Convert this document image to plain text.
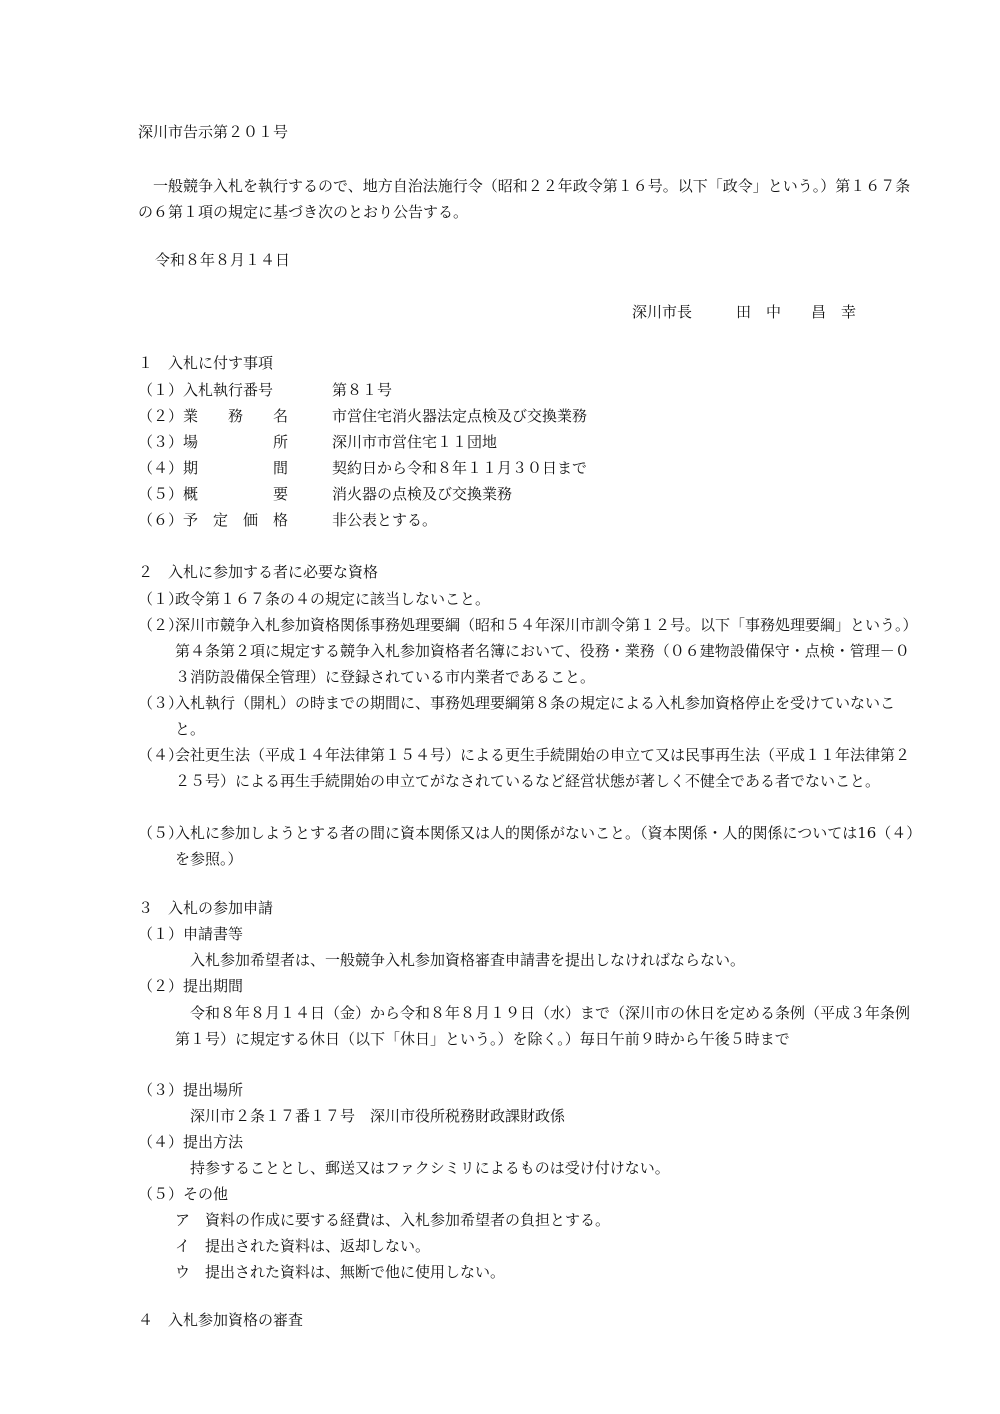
深川市告示第２０１号
一般競争入札を執行するので、地方自治法施行令（昭和２２年政令第１６号。以下「政令」という。）第１６７条の６第１項の規定に基づき次のとおり公告する。
令和８年８月１４日
深川市長	田　中　　昌　幸
１　入札に付す事項
（１）入札執行番号	第８１号
（２）業　　務　　名	市営住宅消火器法定点検及び交換業務
（３）場　　　　　所	深川市市営住宅１１団地
（４）期　　　　　間	契約日から令和８年１１月３０日まで
（５）概　　　　　要	消火器の点検及び交換業務
（６）予　定　価　格	非公表とする。
２　入札に参加する者に必要な資格
（１）政令第１６７条の４の規定に該当しないこと。
（２）深川市競争入札参加資格関係事務処理要綱（昭和５４年深川市訓令第１２号。以下「事務処理要綱」という。）第４条第２項に規定する競争入札参加資格者名簿において、役務・業務（０６建物設備保守・点検・管理－０３消防設備保全管理）に登録されている市内業者であること。
（３）入札執行（開札）の時までの期間に、事務処理要綱第８条の規定による入札参加資格停止を受けていないこと。
（４）会社更生法（平成１４年法律第１５４号）による更生手続開始の申立て又は民事再生法（平成１１年法律第２２５号）による再生手続開始の申立てがなされているなど経営状態が著しく不健全である者でないこと。
（５）入札に参加しようとする者の間に資本関係又は人的関係がないこと。（資本関係・人的関係については16（４）を参照。）
３　入札の参加申請
（１）申請書等
入札参加希望者は、一般競争入札参加資格審査申請書を提出しなければならない。
（２）提出期間
令和８年８月１４日（金）から令和８年８月１９日（水）まで（深川市の休日を定める条例（平成３年条例第１号）に規定する休日（以下「休日」という。）を除く。）毎日午前９時から午後５時まで
（３）提出場所
深川市２条１７番１７号　深川市役所税務財政課財政係
（４）提出方法
持参することとし、郵送又はファクシミリによるものは受け付けない。
（５）その他
ア　 資料の作成に要する経費は、入札参加希望者の負担とする。
イ　 提出された資料は、返却しない。
ウ　 提出された資料は、無断で他に使用しない。
４　入札参加資格の審査
